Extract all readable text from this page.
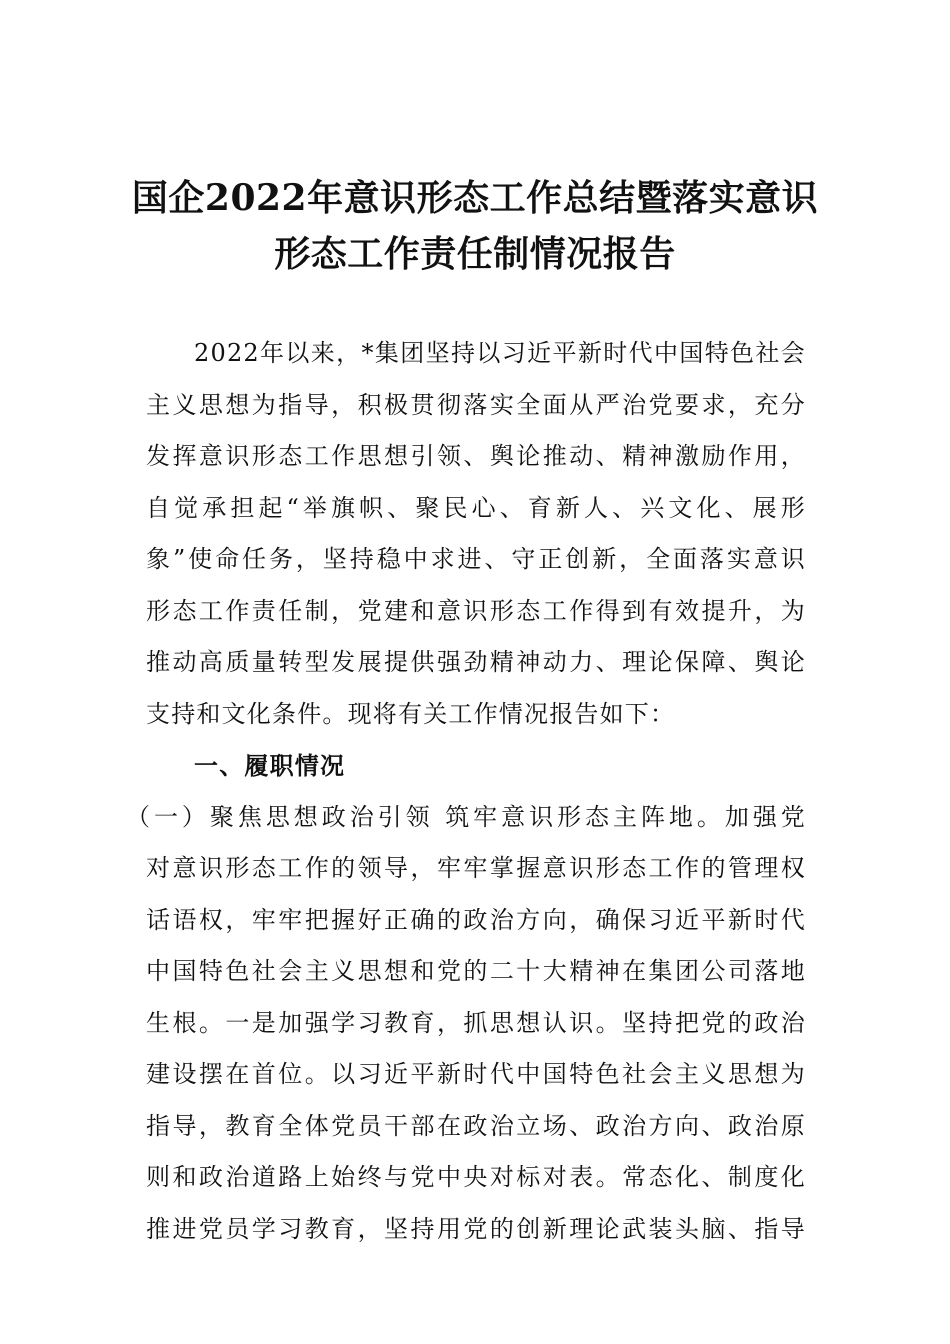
国企2022年意识形态工作总结暨落实意识
形态工作责任制情况报告
2022年以来，*集团坚持以习近平新时代中国特色社会
主义思想为指导，积极贯彻落实全面从严治党要求，充分
发挥意识形态工作思想引领、舆论推动、精神激励作用，
自觉承担起“举旗帜、聚民心、育新人、兴文化、展形
象”使命任务，坚持稳中求进、守正创新，全面落实意识
形态工作责任制，党建和意识形态工作得到有效提升，为
推动高质量转型发展提供强劲精神动力、理论保障、舆论
支持和文化条件。现将有关工作情况报告如下：
一、履职情况
（一）聚焦思想政治引领 筑牢意识形态主阵地。加强党
对意识形态工作的领导，牢牢掌握意识形态工作的管理权
话语权，牢牢把握好正确的政治方向，确保习近平新时代
中国特色社会主义思想和党的二十大精神在集团公司落地
生根。一是加强学习教育，抓思想认识。坚持把党的政治
建设摆在首位。以习近平新时代中国特色社会主义思想为
指导，教育全体党员干部在政治立场、政治方向、政治原
则和政治道路上始终与党中央对标对表。常态化、制度化
推进党员学习教育，坚持用党的创新理论武装头脑、指导
